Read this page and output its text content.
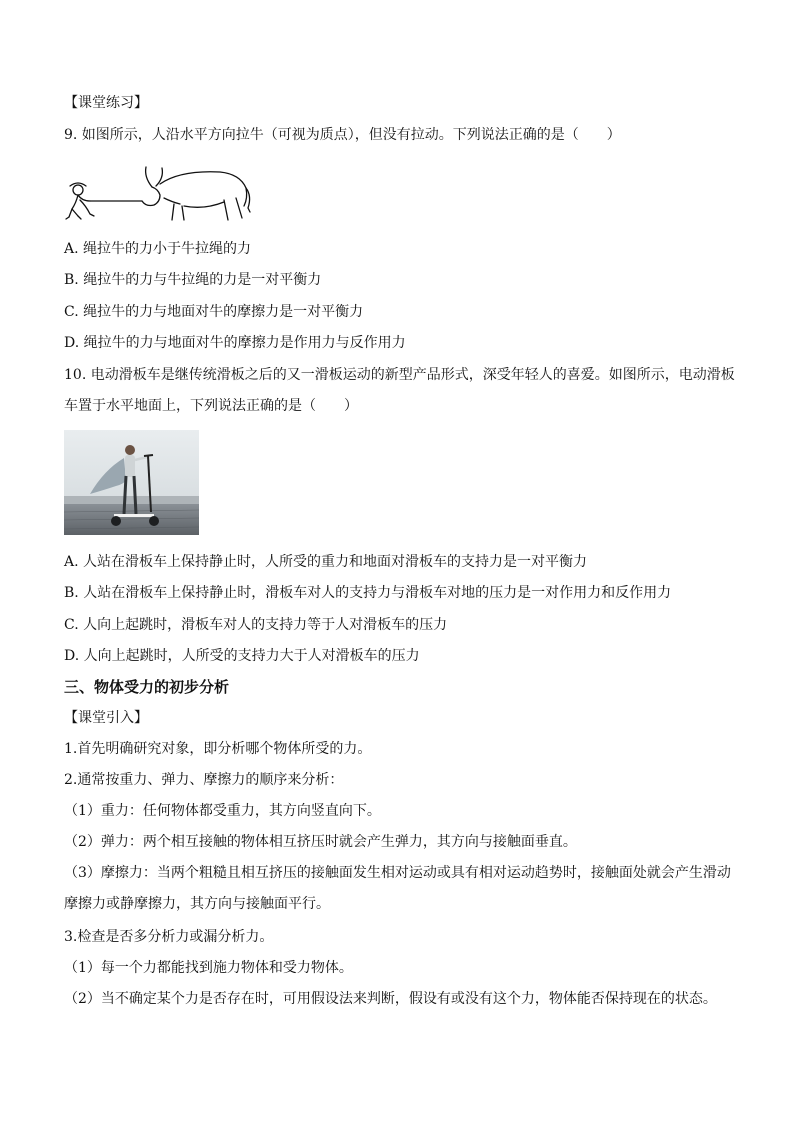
【课堂练习】
9. 如图所示，人沿水平方向拉牛（可视为质点），但没有拉动。下列说法正确的是（　　）
A. 绳拉牛的力小于牛拉绳的力
B. 绳拉牛的力与牛拉绳的力是一对平衡力
C. 绳拉牛的力与地面对牛的摩擦力是一对平衡力
D. 绳拉牛的力与地面对牛的摩擦力是作用力与反作用力
10. 电动滑板车是继传统滑板之后的又一滑板运动的新型产品形式，深受年轻人的喜爱。如图所示，电动滑板
车置于水平地面上，下列说法正确的是（　　）
A. 人站在滑板车上保持静止时，人所受的重力和地面对滑板车的支持力是一对平衡力
B. 人站在滑板车上保持静止时，滑板车对人的支持力与滑板车对地的压力是一对作用力和反作用力
C. 人向上起跳时，滑板车对人的支持力等于人对滑板车的压力
D. 人向上起跳时，人所受的支持力大于人对滑板车的压力
三、物体受力的初步分析
【课堂引入】
1.首先明确研究对象，即分析哪个物体所受的力。
2.通常按重力、弹力、摩擦力的顺序来分析：
（1）重力：任何物体都受重力，其方向竖直向下。
（2）弹力：两个相互接触的物体相互挤压时就会产生弹力，其方向与接触面垂直。
（3）摩擦力：当两个粗糙且相互挤压的接触面发生相对运动或具有相对运动趋势时，接触面处就会产生滑动
摩擦力或静摩擦力，其方向与接触面平行。
3.检查是否多分析力或漏分析力。
（1）每一个力都能找到施力物体和受力物体。
（2）当不确定某个力是否存在时，可用假设法来判断，假设有或没有这个力，物体能否保持现在的状态。
